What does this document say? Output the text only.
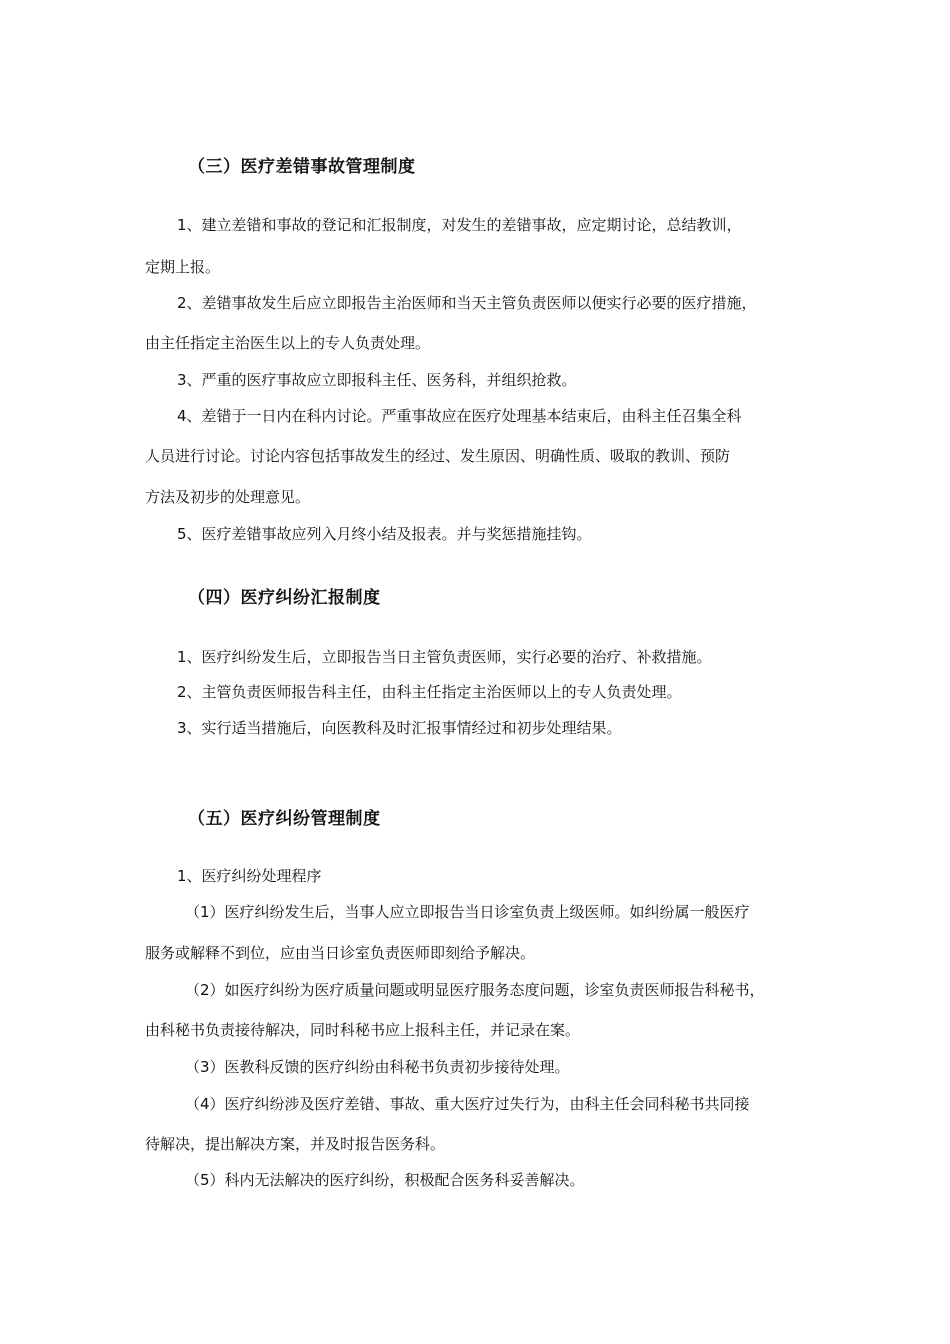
（三）医疗差错事故管理制度
1、建立差错和事故的登记和汇报制度，对发生的差错事故，应定期讨论，总结教训，
定期上报。
2、差错事故发生后应立即报告主治医师和当天主管负责医师以便实行必要的医疗措施，
由主任指定主治医生以上的专人负责处理。
3、严重的医疗事故应立即报科主任、医务科，并组织抢救。
4、差错于一日内在科内讨论。严重事故应在医疗处理基本结束后，由科主任召集全科
人员进行讨论。讨论内容包括事故发生的经过、发生原因、明确性质、吸取的教训、预防
方法及初步的处理意见。
5、医疗差错事故应列入月终小结及报表。并与奖惩措施挂钩。
（四）医疗纠纷汇报制度
1、医疗纠纷发生后，立即报告当日主管负责医师，实行必要的治疗、补救措施。
2、主管负责医师报告科主任，由科主任指定主治医师以上的专人负责处理。
3、实行适当措施后，向医教科及时汇报事情经过和初步处理结果。
（五）医疗纠纷管理制度
1、医疗纠纷处理程序
（1）医疗纠纷发生后，当事人应立即报告当日诊室负责上级医师。如纠纷属一般医疗
服务或解释不到位，应由当日诊室负责医师即刻给予解决。
（2）如医疗纠纷为医疗质量问题或明显医疗服务态度问题，诊室负责医师报告科秘书，
由科秘书负责接待解决，同时科秘书应上报科主任，并记录在案。
（3）医教科反馈的医疗纠纷由科秘书负责初步接待处理。
（4）医疗纠纷涉及医疗差错、事故、重大医疗过失行为，由科主任会同科秘书共同接
待解决，提出解决方案，并及时报告医务科。
（5）科内无法解决的医疗纠纷，积极配合医务科妥善解决。
